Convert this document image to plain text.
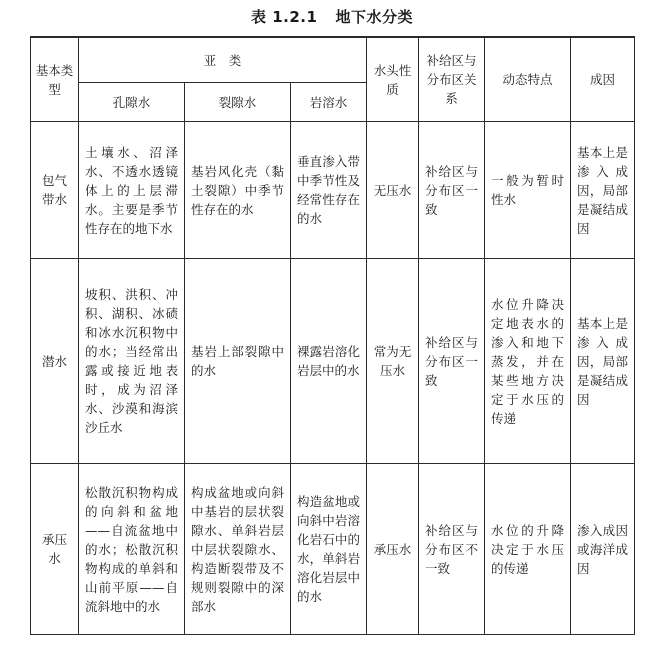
表 1.2.1 地下水分类
基本类型	亚　类			水头性质	补给区与分布区关系	动态特点	成因
	孔隙水	裂隙水	岩溶水				
包气带水	土壤水、沼泽水、不透水透镜体上的上层滞水。主要是季节性存在的地下水	基岩风化壳（黏土裂隙）中季节性存在的水	垂直渗入带中季节性及经常性存在的水	无压水	补给区与分布区一致	一般为暂时性水	基本上是渗入成因，局部是凝结成因
潜水	坡积、洪积、冲积、湖积、冰碛和冰水沉积物中的水；当经常出露或接近地表时，成为沼泽水、沙漠和海滨沙丘水	基岩上部裂隙中的水	裸露岩溶化岩层中的水	常为无压水	补给区与分布区一致	水位升降决定地表水的渗入和地下蒸发，并在某些地方决定于水压的传递	基本上是渗入成因，局部是凝结成因
承压水	松散沉积物构成的向斜和盆地——自流盆地中的水；松散沉积物构成的单斜和山前平原——自流斜地中的水	构成盆地或向斜中基岩的层状裂隙水、单斜岩层中层状裂隙水、构造断裂带及不规则裂隙中的深部水	构造盆地或向斜中岩溶化岩石中的水，单斜岩溶化岩层中的水	承压水	补给区与分布区不一致	水位的升降决定于水压的传递	渗入成因或海洋成因
